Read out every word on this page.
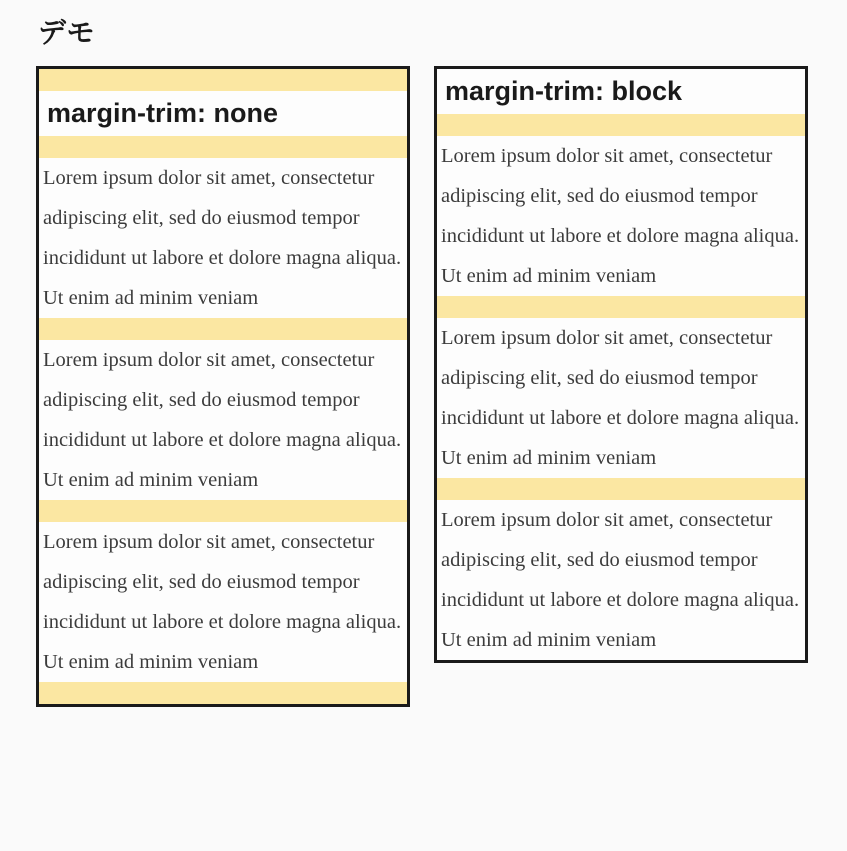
デモ
margin-trim: none

Lorem ipsum dolor sit amet, consectetur adipiscing elit, sed do eiusmod tempor incididunt ut labore et dolore magna aliqua. Ut enim ad minim veniam

Lorem ipsum dolor sit amet, consectetur adipiscing elit, sed do eiusmod tempor incididunt ut labore et dolore magna aliqua. Ut enim ad minim veniam

Lorem ipsum dolor sit amet, consectetur adipiscing elit, sed do eiusmod tempor incididunt ut labore et dolore magna aliqua. Ut enim ad minim veniam

margin-trim: block

Lorem ipsum dolor sit amet, consectetur adipiscing elit, sed do eiusmod tempor incididunt ut labore et dolore magna aliqua. Ut enim ad minim veniam

Lorem ipsum dolor sit amet, consectetur adipiscing elit, sed do eiusmod tempor incididunt ut labore et dolore magna aliqua. Ut enim ad minim veniam

Lorem ipsum dolor sit amet, consectetur adipiscing elit, sed do eiusmod tempor incididunt ut labore et dolore magna aliqua. Ut enim ad minim veniam
